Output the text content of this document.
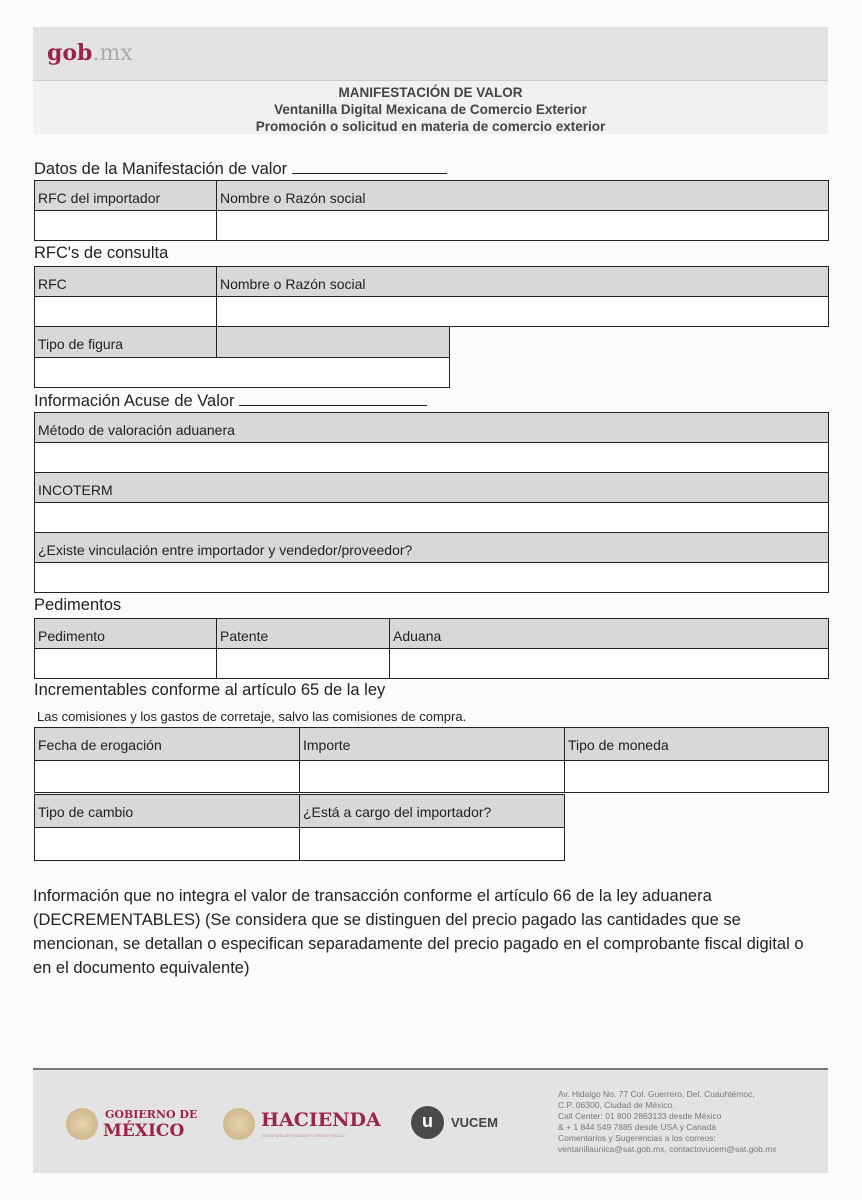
gob.mx
MANIFESTACIÓN DE VALOR
Ventanilla Digital Mexicana de Comercio Exterior
Promoción o solicitud en materia de comercio exterior
Datos de la Manifestación de valor
RFC del importador	Nombre o Razón social
RFC's de consulta
RFC	Nombre o Razón social
Tipo de figura
Información Acuse de Valor
Método de valoración aduanera
INCOTERM
¿Existe vinculación entre importador y vendedor/proveedor?
Pedimentos
Pedimento	Patente	Aduana
Incrementables conforme al artículo 65 de la ley
Las comisiones y los gastos de corretaje, salvo las comisiones de compra.
Fecha de erogación	Importe	Tipo de moneda
Tipo de cambio	¿Está a cargo del importador?
Información que no integra el valor de transacción conforme el artículo 66 de la ley aduanera (DECREMENTABLES) (Se considera que se distinguen del precio pagado las cantidades que se mencionan, se detallan o especifican separadamente del precio pagado en el comprobante fiscal digital o en el documento equivalente)
GOBIERNO DE
MÉXICO	HACIENDA
SECRETARÍA DE HACIENDA Y CRÉDITO PÚBLICO
u	VUCEM
Av. Hidalgo No. 77 Col. Guerrero, Del. Cuauhtémoc,
C.P. 06300, Ciudad de México.
Call Center: 01 800 2863133 desde México
& + 1 844 549 7885 desde USA y Canadá
Comentarios y Sugerencias a los correos:
ventanillaunica@sat.gob.mx, contactovucem@sat.gob.mx
